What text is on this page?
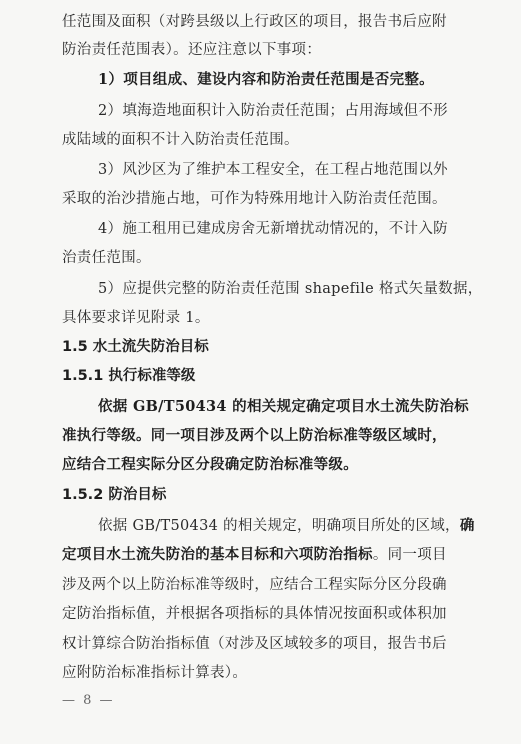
任范围及面积（对跨县级以上行政区的项目，报告书后应附
防治责任范围表）。还应注意以下事项：
1）项目组成、建设内容和防治责任范围是否完整。
2）填海造地面积计入防治责任范围；占用海域但不形
成陆域的面积不计入防治责任范围。
3）风沙区为了维护本工程安全，在工程占地范围以外
采取的治沙措施占地，可作为特殊用地计入防治责任范围。
4）施工租用已建成房舍无新增扰动情况的，不计入防
治责任范围。
5）应提供完整的防治责任范围 shapefile 格式矢量数据，
具体要求详见附录 1。
1.5 水土流失防治目标
1.5.1 执行标准等级
依据 GB/T50434 的相关规定确定项目水土流失防治标
准执行等级。同一项目涉及两个以上防治标准等级区域时，
应结合工程实际分区分段确定防治标准等级。
1.5.2 防治目标
依据 GB/T50434 的相关规定，明确项目所处的区域，确
定项目水土流失防治的基本目标和六项防治指标。同一项目
涉及两个以上防治标准等级时，应结合工程实际分区分段确
定防治指标值，并根据各项指标的具体情况按面积或体积加
权计算综合防治指标值（对涉及区域较多的项目，报告书后
应附防治标准指标计算表）。
— 8 —
